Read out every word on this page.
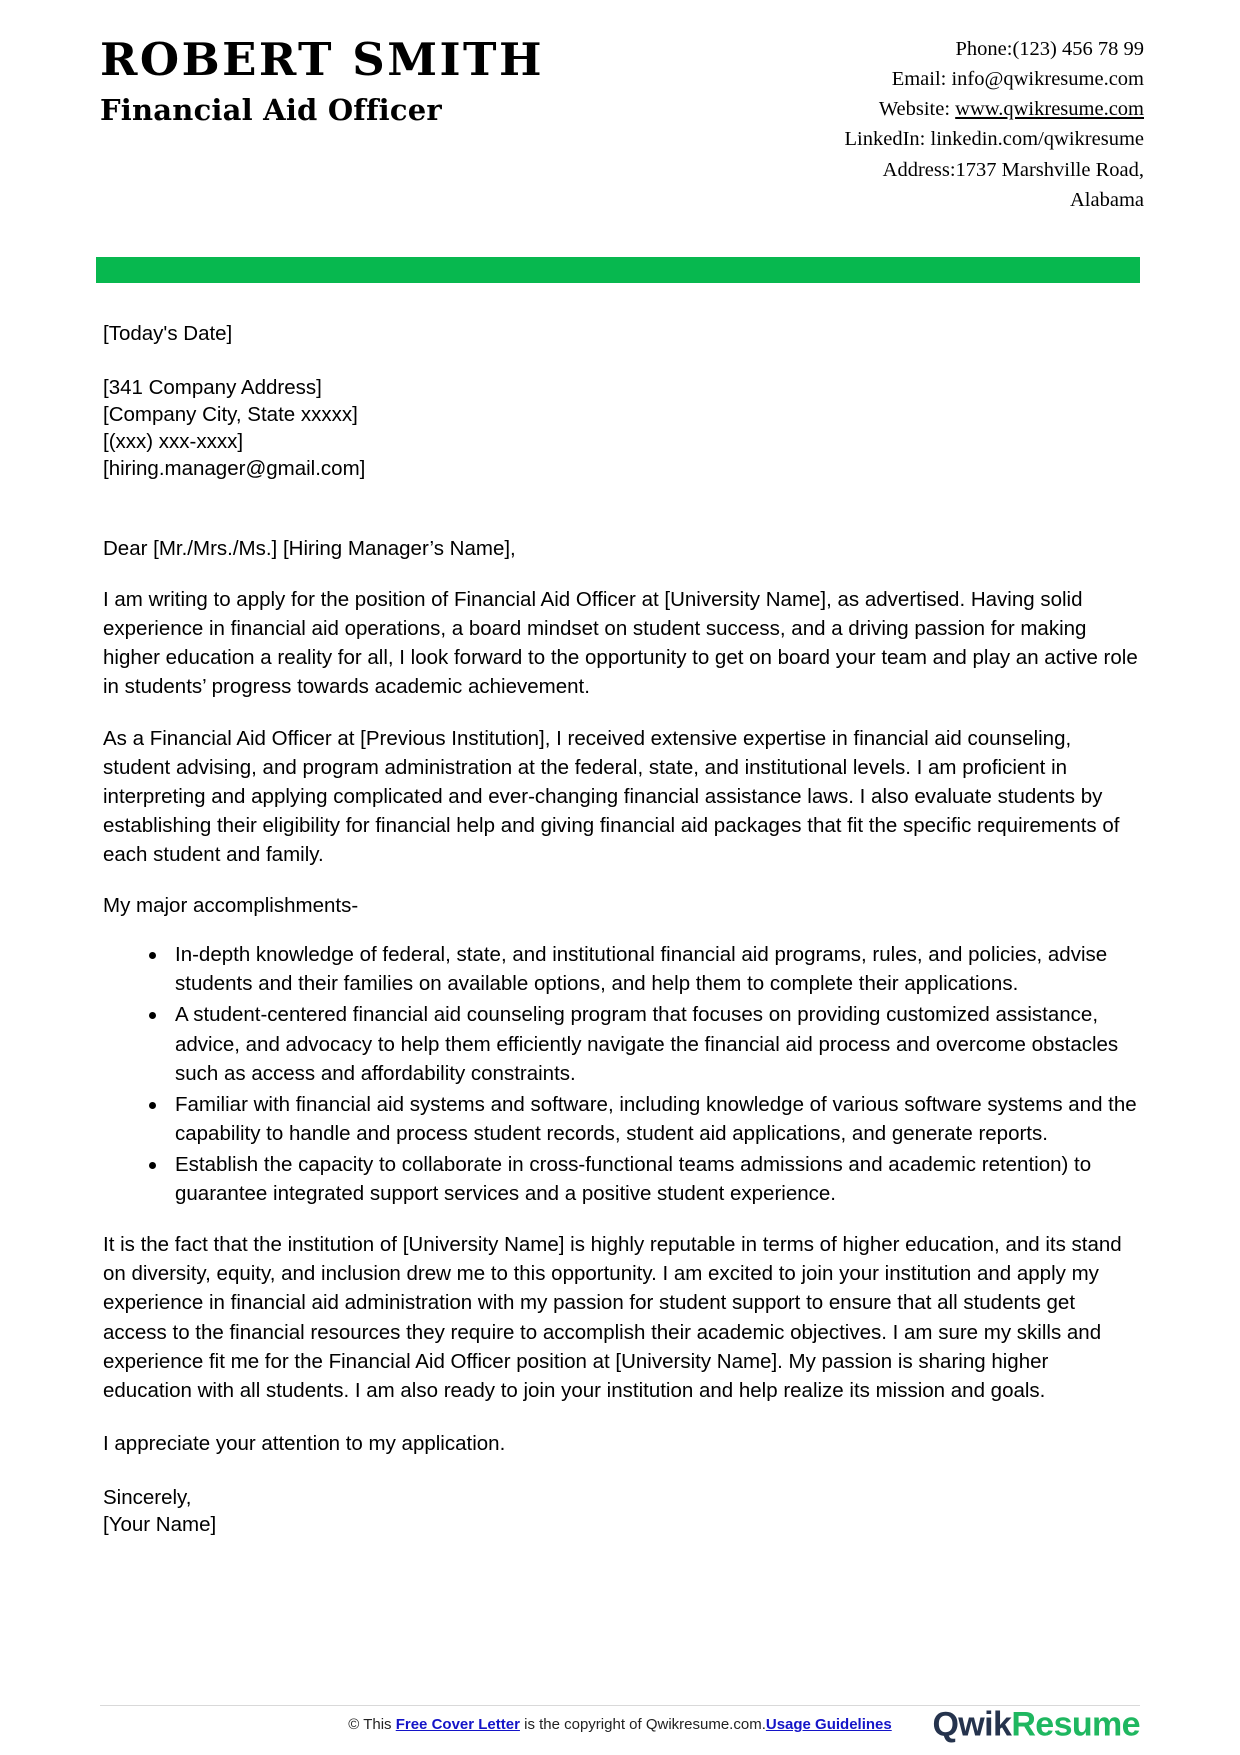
ROBERT SMITH
Financial Aid Officer
Phone:(123) 456 78 99
Email: info@qwikresume.com
Website: www.qwikresume.com
LinkedIn: linkedin.com/qwikresume
Address:1737 Marshville Road,
Alabama
[Today's Date]
[341 Company Address]
[Company City, State xxxxx]
[(xxx) xxx-xxxx]
[hiring.manager@gmail.com]
Dear [Mr./Mrs./Ms.] [Hiring Manager’s Name],
I am writing to apply for the position of Financial Aid Officer at [University Name], as advertised. Having solid experience in financial aid operations, a board mindset on student success, and a driving passion for making higher education a reality for all, I look forward to the opportunity to get on board your team and play an active role in students’ progress towards academic achievement.
As a Financial Aid Officer at [Previous Institution], I received extensive expertise in financial aid counseling, student advising, and program administration at the federal, state, and institutional levels. I am proficient in interpreting and applying complicated and ever-changing financial assistance laws. I also evaluate students by establishing their eligibility for financial help and giving financial aid packages that fit the specific requirements of each student and family.
My major accomplishments-
In-depth knowledge of federal, state, and institutional financial aid programs, rules, and policies, advise students and their families on available options, and help them to complete their applications.
A student-centered financial aid counseling program that focuses on providing customized assistance, advice, and advocacy to help them efficiently navigate the financial aid process and overcome obstacles such as access and affordability constraints.
Familiar with financial aid systems and software, including knowledge of various software systems and the capability to handle and process student records, student aid applications, and generate reports.
Establish the capacity to collaborate in cross-functional teams admissions and academic retention) to guarantee integrated support services and a positive student experience.
It is the fact that the institution of [University Name] is highly reputable in terms of higher education, and its stand on diversity, equity, and inclusion drew me to this opportunity. I am excited to join your institution and apply my experience in financial aid administration with my passion for student support to ensure that all students get access to the financial resources they require to accomplish their academic objectives. I am sure my skills and experience fit me for the Financial Aid Officer position at [University Name]. My passion is sharing higher education with all students. I am also ready to join your institution and help realize its mission and goals.
I appreciate your attention to my application.
Sincerely,
[Your Name]
© This Free Cover Letter is the copyright of Qwikresume.com.Usage Guidelines QwikResume
